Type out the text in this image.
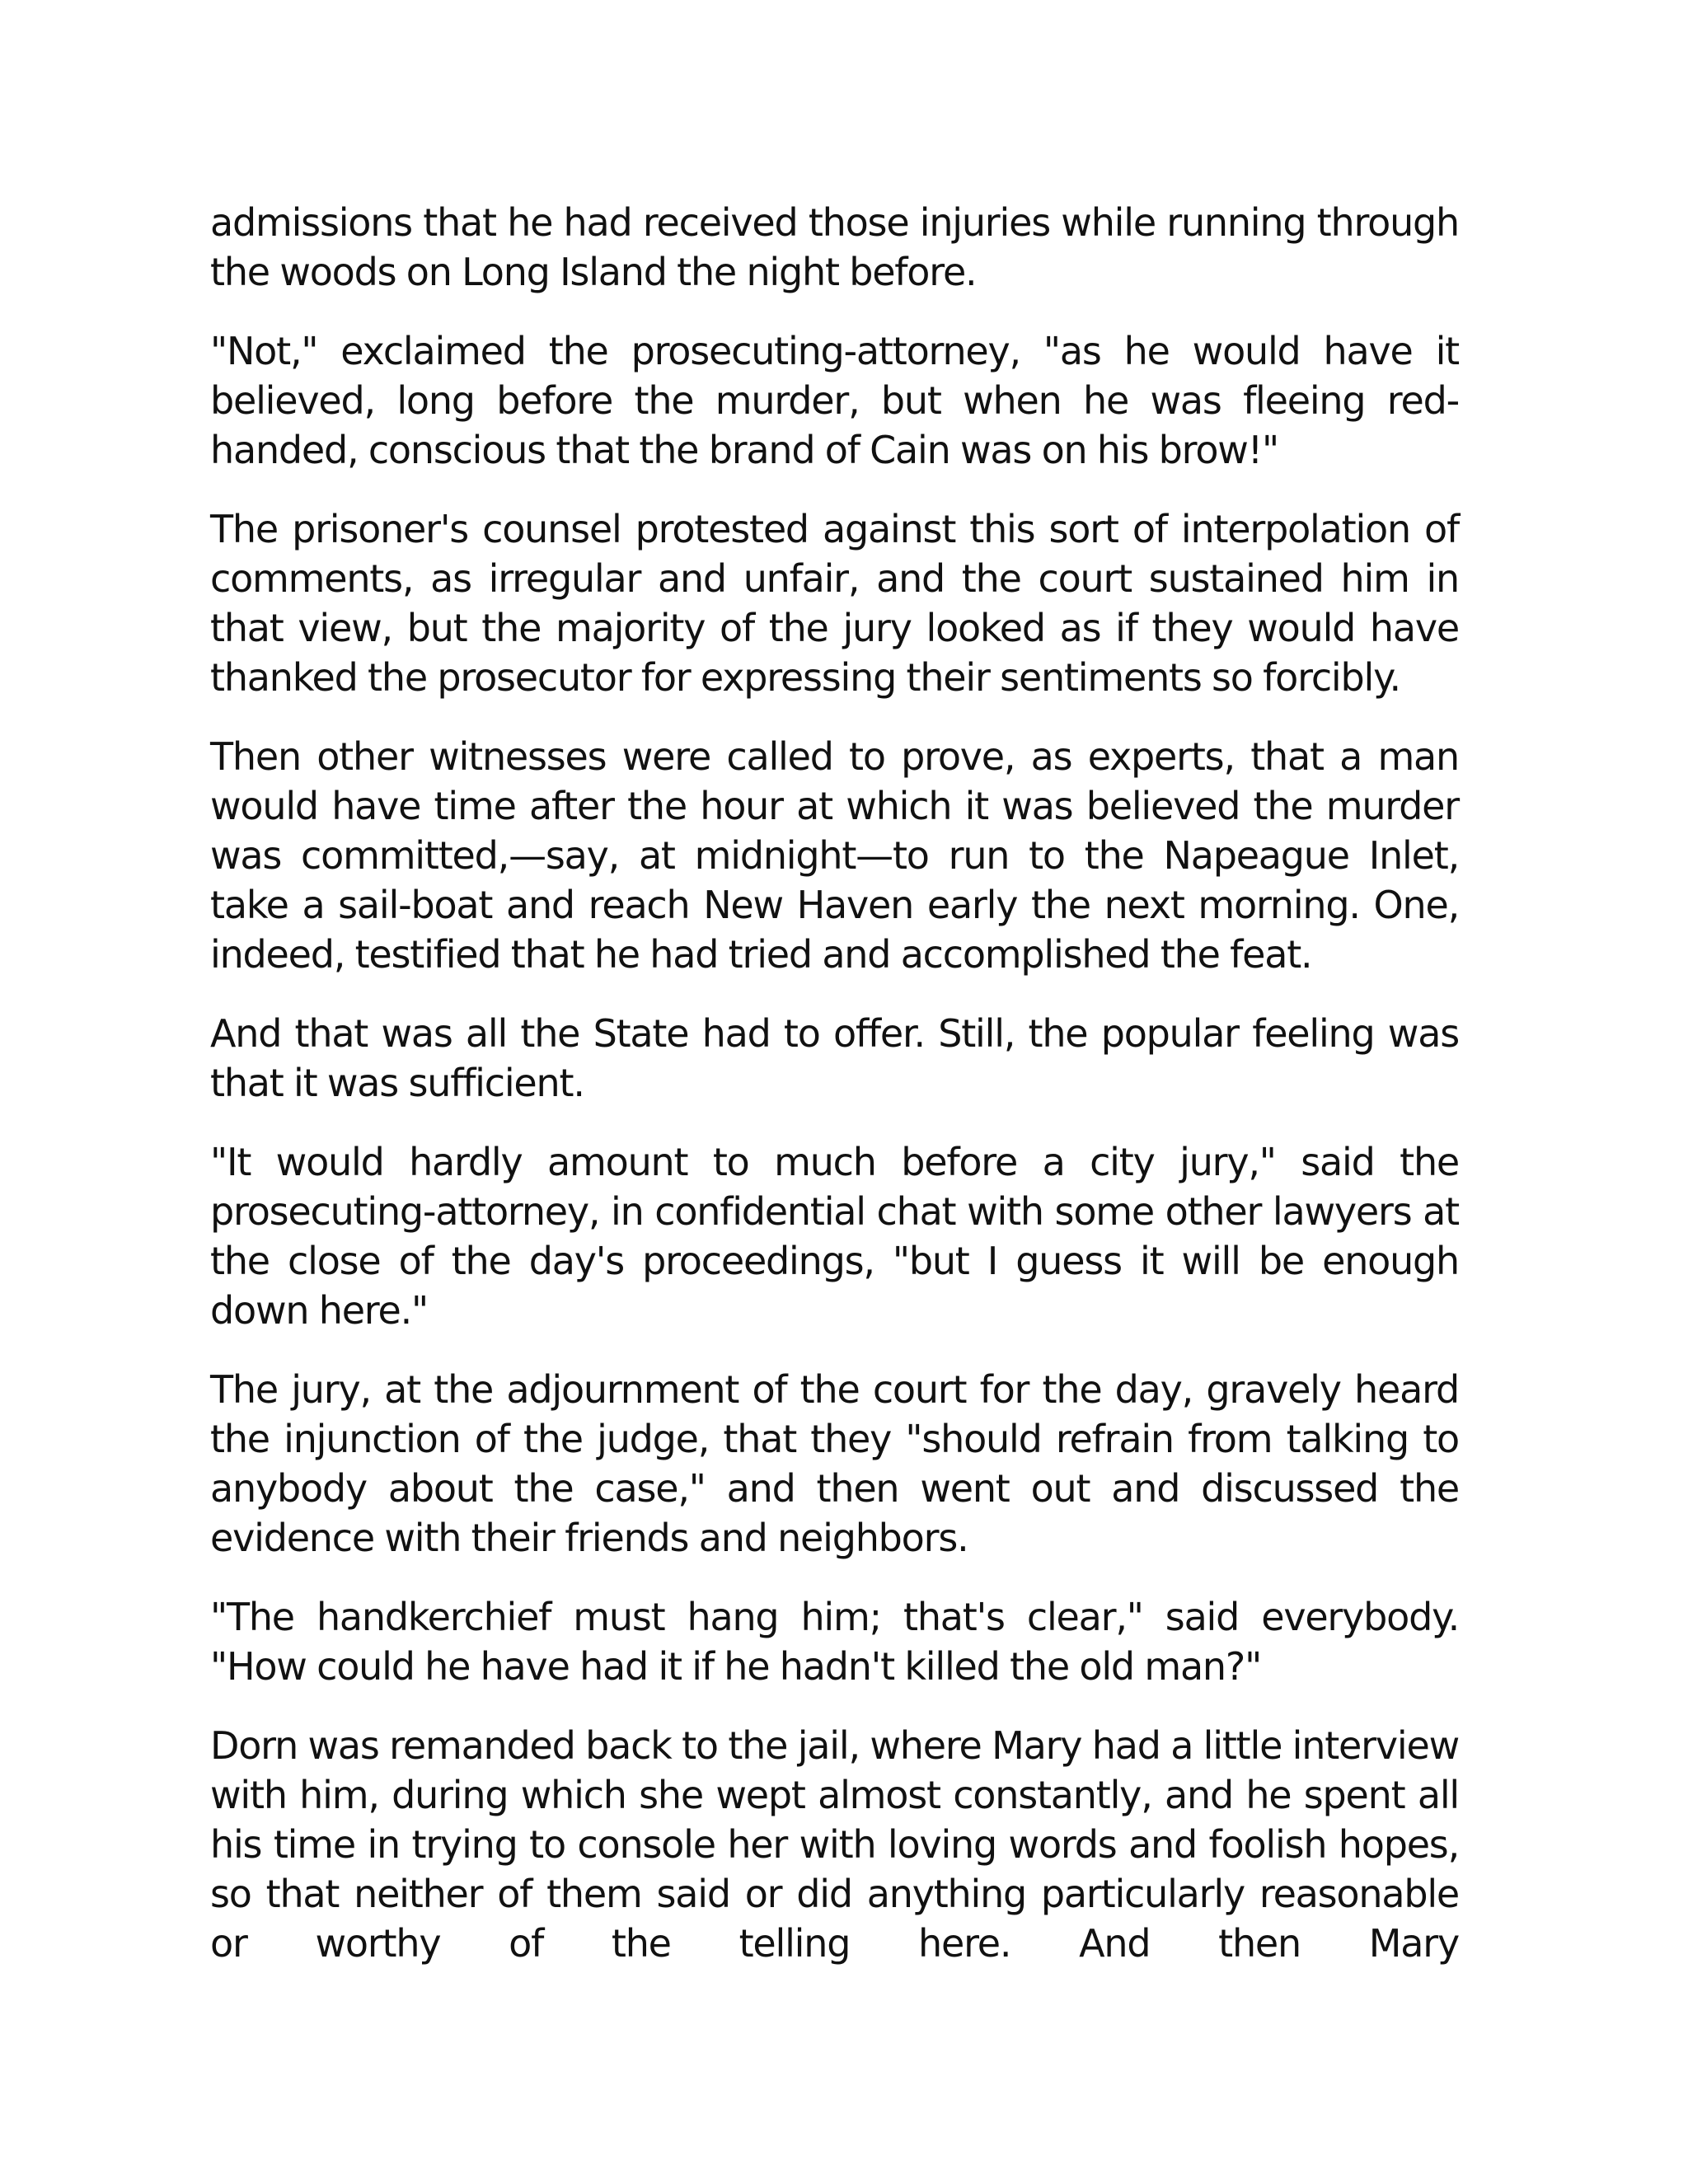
admissions that he had received those injuries while running through the woods on Long Island the night before.

"Not," exclaimed the prosecuting-attorney, "as he would have it believed, long before the murder, but when he was fleeing red-handed, conscious that the brand of Cain was on his brow!"

The prisoner's counsel protested against this sort of interpolation of comments, as irregular and unfair, and the court sustained him in that view, but the majority of the jury looked as if they would have thanked the prosecutor for expressing their sentiments so forcibly.

Then other witnesses were called to prove, as experts, that a man would have time after the hour at which it was believed the murder was committed,—say, at midnight—to run to the Napeague Inlet, take a sail-boat and reach New Haven early the next morning. One, indeed, testified that he had tried and accomplished the feat.

And that was all the State had to offer. Still, the popular feeling was that it was sufficient.

"It would hardly amount to much before a city jury," said the prosecuting-attorney, in confidential chat with some other lawyers at the close of the day's proceedings, "but I guess it will be enough down here."

The jury, at the adjournment of the court for the day, gravely heard the injunction of the judge, that they "should refrain from talking to anybody about the case," and then went out and discussed the evidence with their friends and neighbors.

"The handkerchief must hang him; that's clear," said everybody. "How could he have had it if he hadn't killed the old man?"

Dorn was remanded back to the jail, where Mary had a little interview with him, during which she wept almost constantly, and he spent all his time in trying to console her with loving words and foolish hopes, so that neither of them said or did anything particularly reasonable or worthy of the telling here. And then Mary
